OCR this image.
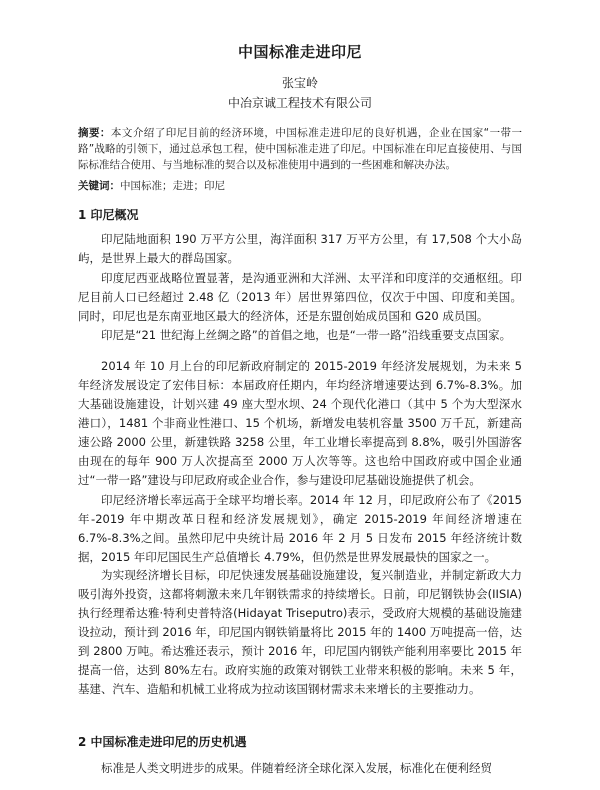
中国标准走进印尼
张宝岭
中冶京诚工程技术有限公司
摘要：本文介绍了印尼目前的经济环境，中国标准走进印尼的良好机遇，企业在国家“一带一路”战略的引领下，通过总承包工程，使中国标准走进了印尼。中国标准在印尼直接使用、与国际标准结合使用、与当地标准的契合以及标准使用中遇到的一些困难和解决办法。
关键词：中国标准；走进；印尼
1 印尼概况
印尼陆地面积 190 万平方公里，海洋面积 317 万平方公里，有 17,508 个大小岛屿，是世界上最大的群岛国家。
印度尼西亚战略位置显著，是沟通亚洲和大洋洲、太平洋和印度洋的交通枢纽。印尼目前人口已经超过 2.48 亿（2013 年）居世界第四位，仅次于中国、印度和美国。同时，印尼也是东南亚地区最大的经济体，还是东盟创始成员国和 G20 成员国。
印尼是“21 世纪海上丝绸之路”的首倡之地，也是“一带一路”沿线重要支点国家。
2014 年 10 月上台的印尼新政府制定的 2015-2019 年经济发展规划，为未来 5 年经济发展设定了宏伟目标：本届政府任期内，年均经济增速要达到 6.7%-8.3%。加大基础设施建设，计划兴建 49 座大型水坝、24 个现代化港口（其中 5 个为大型深水港口），1481 个非商业性港口、15 个机场，新增发电装机容量 3500 万千瓦，新建高速公路 2000 公里，新建铁路 3258 公里，年工业增长率提高到 8.8%，吸引外国游客由现在的每年 900 万人次提高至 2000 万人次等等。这也给中国政府或中国企业通过“一带一路”建设与印尼政府或企业合作，参与建设印尼基础设施提供了机会。
印尼经济增长率远高于全球平均增长率。2014 年 12 月，印尼政府公布了《2015 年-2019 年中期改革日程和经济发展规划》，确定 2015-2019 年间经济增速在 6.7%-8.3%之间。虽然印尼中央统计局 2016 年 2 月 5 日发布 2015 年经济统计数据，2015 年印尼国民生产总值增长 4.79%，但仍然是世界发展最快的国家之一。
为实现经济增长目标，印尼快速发展基础设施建设，复兴制造业，并制定新政大力吸引海外投资，这都将刺激未来几年钢铁需求的持续增长。日前，印尼钢铁协会(IISIA)执行经理希达雅·特利史普特洛(Hidayat Triseputro)表示，受政府大规模的基础设施建设拉动，预计到 2016 年，印尼国内钢铁销量将比 2015 年的 1400 万吨提高一倍，达到 2800 万吨。希达雅还表示，预计 2016 年，印尼国内钢铁产能利用率要比 2015 年提高一倍，达到 80%左右。政府实施的政策对钢铁工业带来积极的影响。未来 5 年，基建、汽车、造船和机械工业将成为拉动该国钢材需求未来增长的主要推动力。
2 中国标准走进印尼的历史机遇
标准是人类文明进步的成果。伴随着经济全球化深入发展，标准化在便利经贸
